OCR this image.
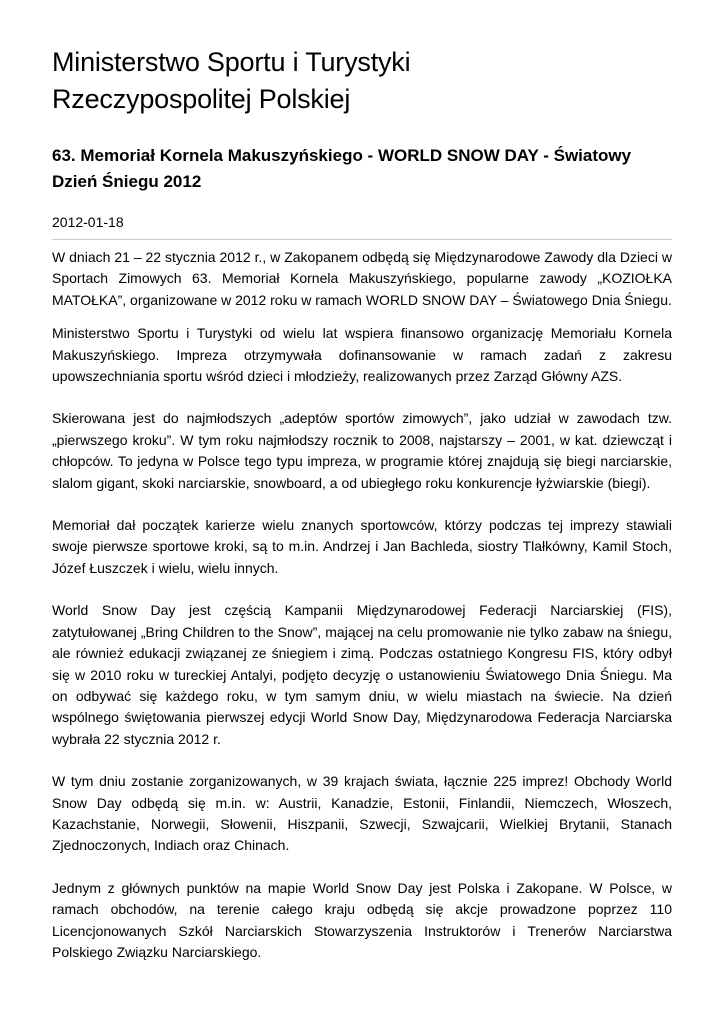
Ministerstwo Sportu i Turystyki
Rzeczypospolitej Polskiej
63. Memoriał Kornela Makuszyńskiego - WORLD SNOW DAY - Światowy Dzień Śniegu 2012
2012-01-18

W dniach 21 – 22 stycznia 2012 r., w Zakopanem odbędą się Międzynarodowe Zawody dla Dzieci w Sportach Zimowych 63. Memoriał Kornela Makuszyńskiego, popularne zawody „KOZIOŁKA MATOŁKA”, organizowane w 2012 roku w ramach WORLD SNOW DAY – Światowego Dnia Śniegu.

Ministerstwo Sportu i Turystyki od wielu lat wspiera finansowo organizację Memoriału Kornela Makuszyńskiego. Impreza otrzymywała dofinansowanie w ramach zadań z zakresu upowszechniania sportu wśród dzieci i młodzieży, realizowanych przez Zarząd Główny AZS.

Skierowana jest do najmłodszych „adeptów sportów zimowych”, jako udział w zawodach tzw. „pierwszego kroku”. W tym roku najmłodszy rocznik to 2008, najstarszy – 2001, w kat. dziewcząt i chłopców. To jedyna w Polsce tego typu impreza, w programie której znajdują się biegi narciarskie, slalom gigant, skoki narciarskie, snowboard, a od ubiegłego roku konkurencje łyżwiarskie (biegi).

Memoriał dał początek karierze wielu znanych sportowców, którzy podczas tej imprezy stawiali swoje pierwsze sportowe kroki, są to m.in. Andrzej i Jan Bachleda, siostry Tlałkówny, Kamil Stoch, Józef Łuszczek i wielu, wielu innych.

World Snow Day jest częścią Kampanii Międzynarodowej Federacji Narciarskiej (FIS), zatytułowanej „Bring Children to the Snow”, mającej na celu promowanie nie tylko zabaw na śniegu, ale również edukacji związanej ze śniegiem i zimą. Podczas ostatniego Kongresu FIS, który odbył się w 2010 roku w tureckiej Antalyi, podjęto decyzję o ustanowieniu Światowego Dnia Śniegu. Ma on odbywać się każdego roku, w tym samym dniu, w wielu miastach na świecie. Na dzień wspólnego świętowania pierwszej edycji World Snow Day, Międzynarodowa Federacja Narciarska wybrała 22 stycznia 2012 r.

W tym dniu zostanie zorganizowanych, w 39 krajach świata, łącznie 225 imprez! Obchody World Snow Day odbędą się m.in. w: Austrii, Kanadzie, Estonii, Finlandii, Niemczech, Włoszech, Kazachstanie, Norwegii, Słowenii, Hiszpanii, Szwecji, Szwajcarii, Wielkiej Brytanii, Stanach Zjednoczonych, Indiach oraz Chinach.

Jednym z głównych punktów na mapie World Snow Day jest Polska i Zakopane. W Polsce, w ramach obchodów, na terenie całego kraju odbędą się akcje prowadzone poprzez 110 Licencjonowanych Szkół Narciarskich Stowarzyszenia Instruktorów i Trenerów Narciarstwa Polskiego Związku Narciarskiego.
